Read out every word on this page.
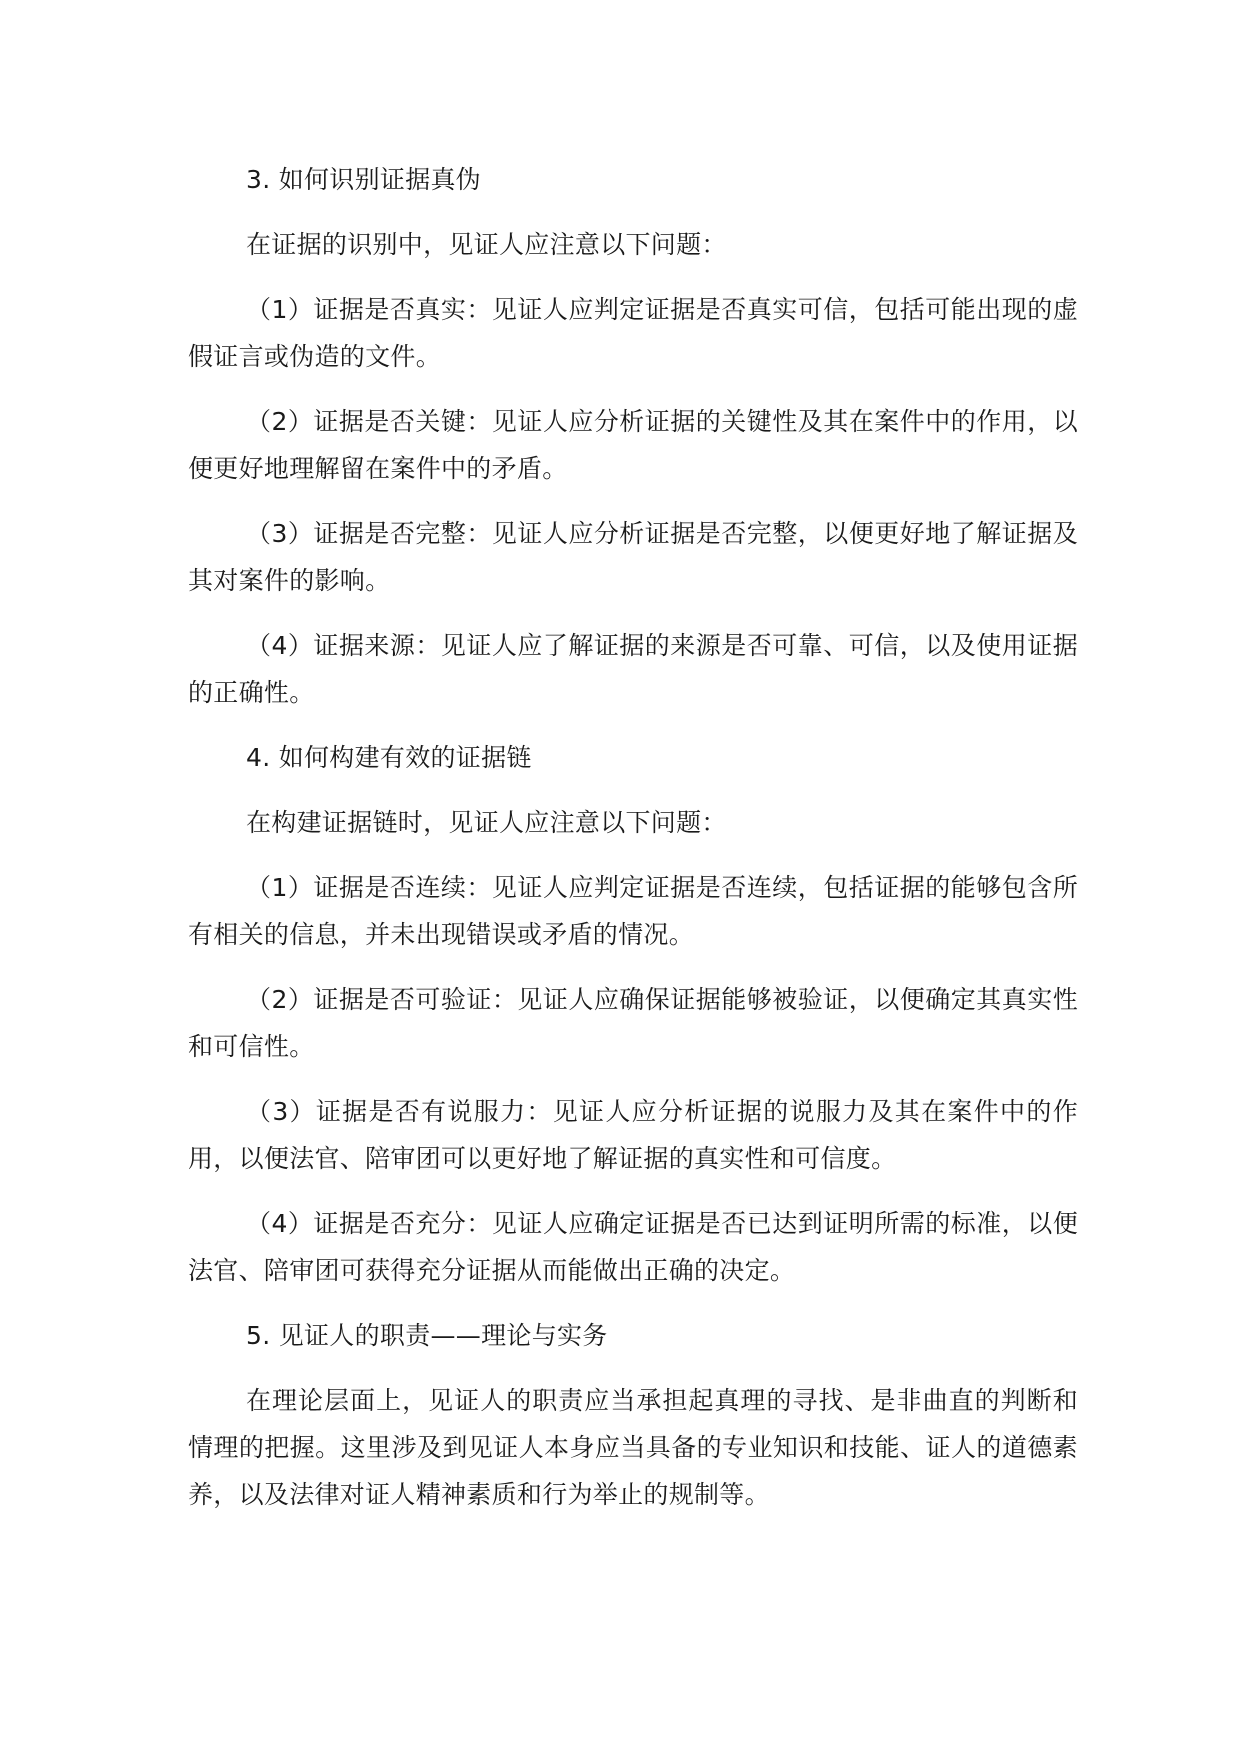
3. 如何识别证据真伪

在证据的识别中，见证人应注意以下问题：

（1）证据是否真实：见证人应判定证据是否真实可信，包括可能出现的虚假证言或伪造的文件。

（2）证据是否关键：见证人应分析证据的关键性及其在案件中的作用，以便更好地理解留在案件中的矛盾。

（3）证据是否完整：见证人应分析证据是否完整，以便更好地了解证据及其对案件的影响。

（4）证据来源：见证人应了解证据的来源是否可靠、可信，以及使用证据的正确性。

4. 如何构建有效的证据链

在构建证据链时，见证人应注意以下问题：

（1）证据是否连续：见证人应判定证据是否连续，包括证据的能够包含所有相关的信息，并未出现错误或矛盾的情况。

（2）证据是否可验证：见证人应确保证据能够被验证，以便确定其真实性和可信性。

（3）证据是否有说服力：见证人应分析证据的说服力及其在案件中的作用，以便法官、陪审团可以更好地了解证据的真实性和可信度。

（4）证据是否充分：见证人应确定证据是否已达到证明所需的标准，以便法官、陪审团可获得充分证据从而能做出正确的决定。

5. 见证人的职责——理论与实务

在理论层面上，见证人的职责应当承担起真理的寻找、是非曲直的判断和情理的把握。这里涉及到见证人本身应当具备的专业知识和技能、证人的道德素养，以及法律对证人精神素质和行为举止的规制等。
